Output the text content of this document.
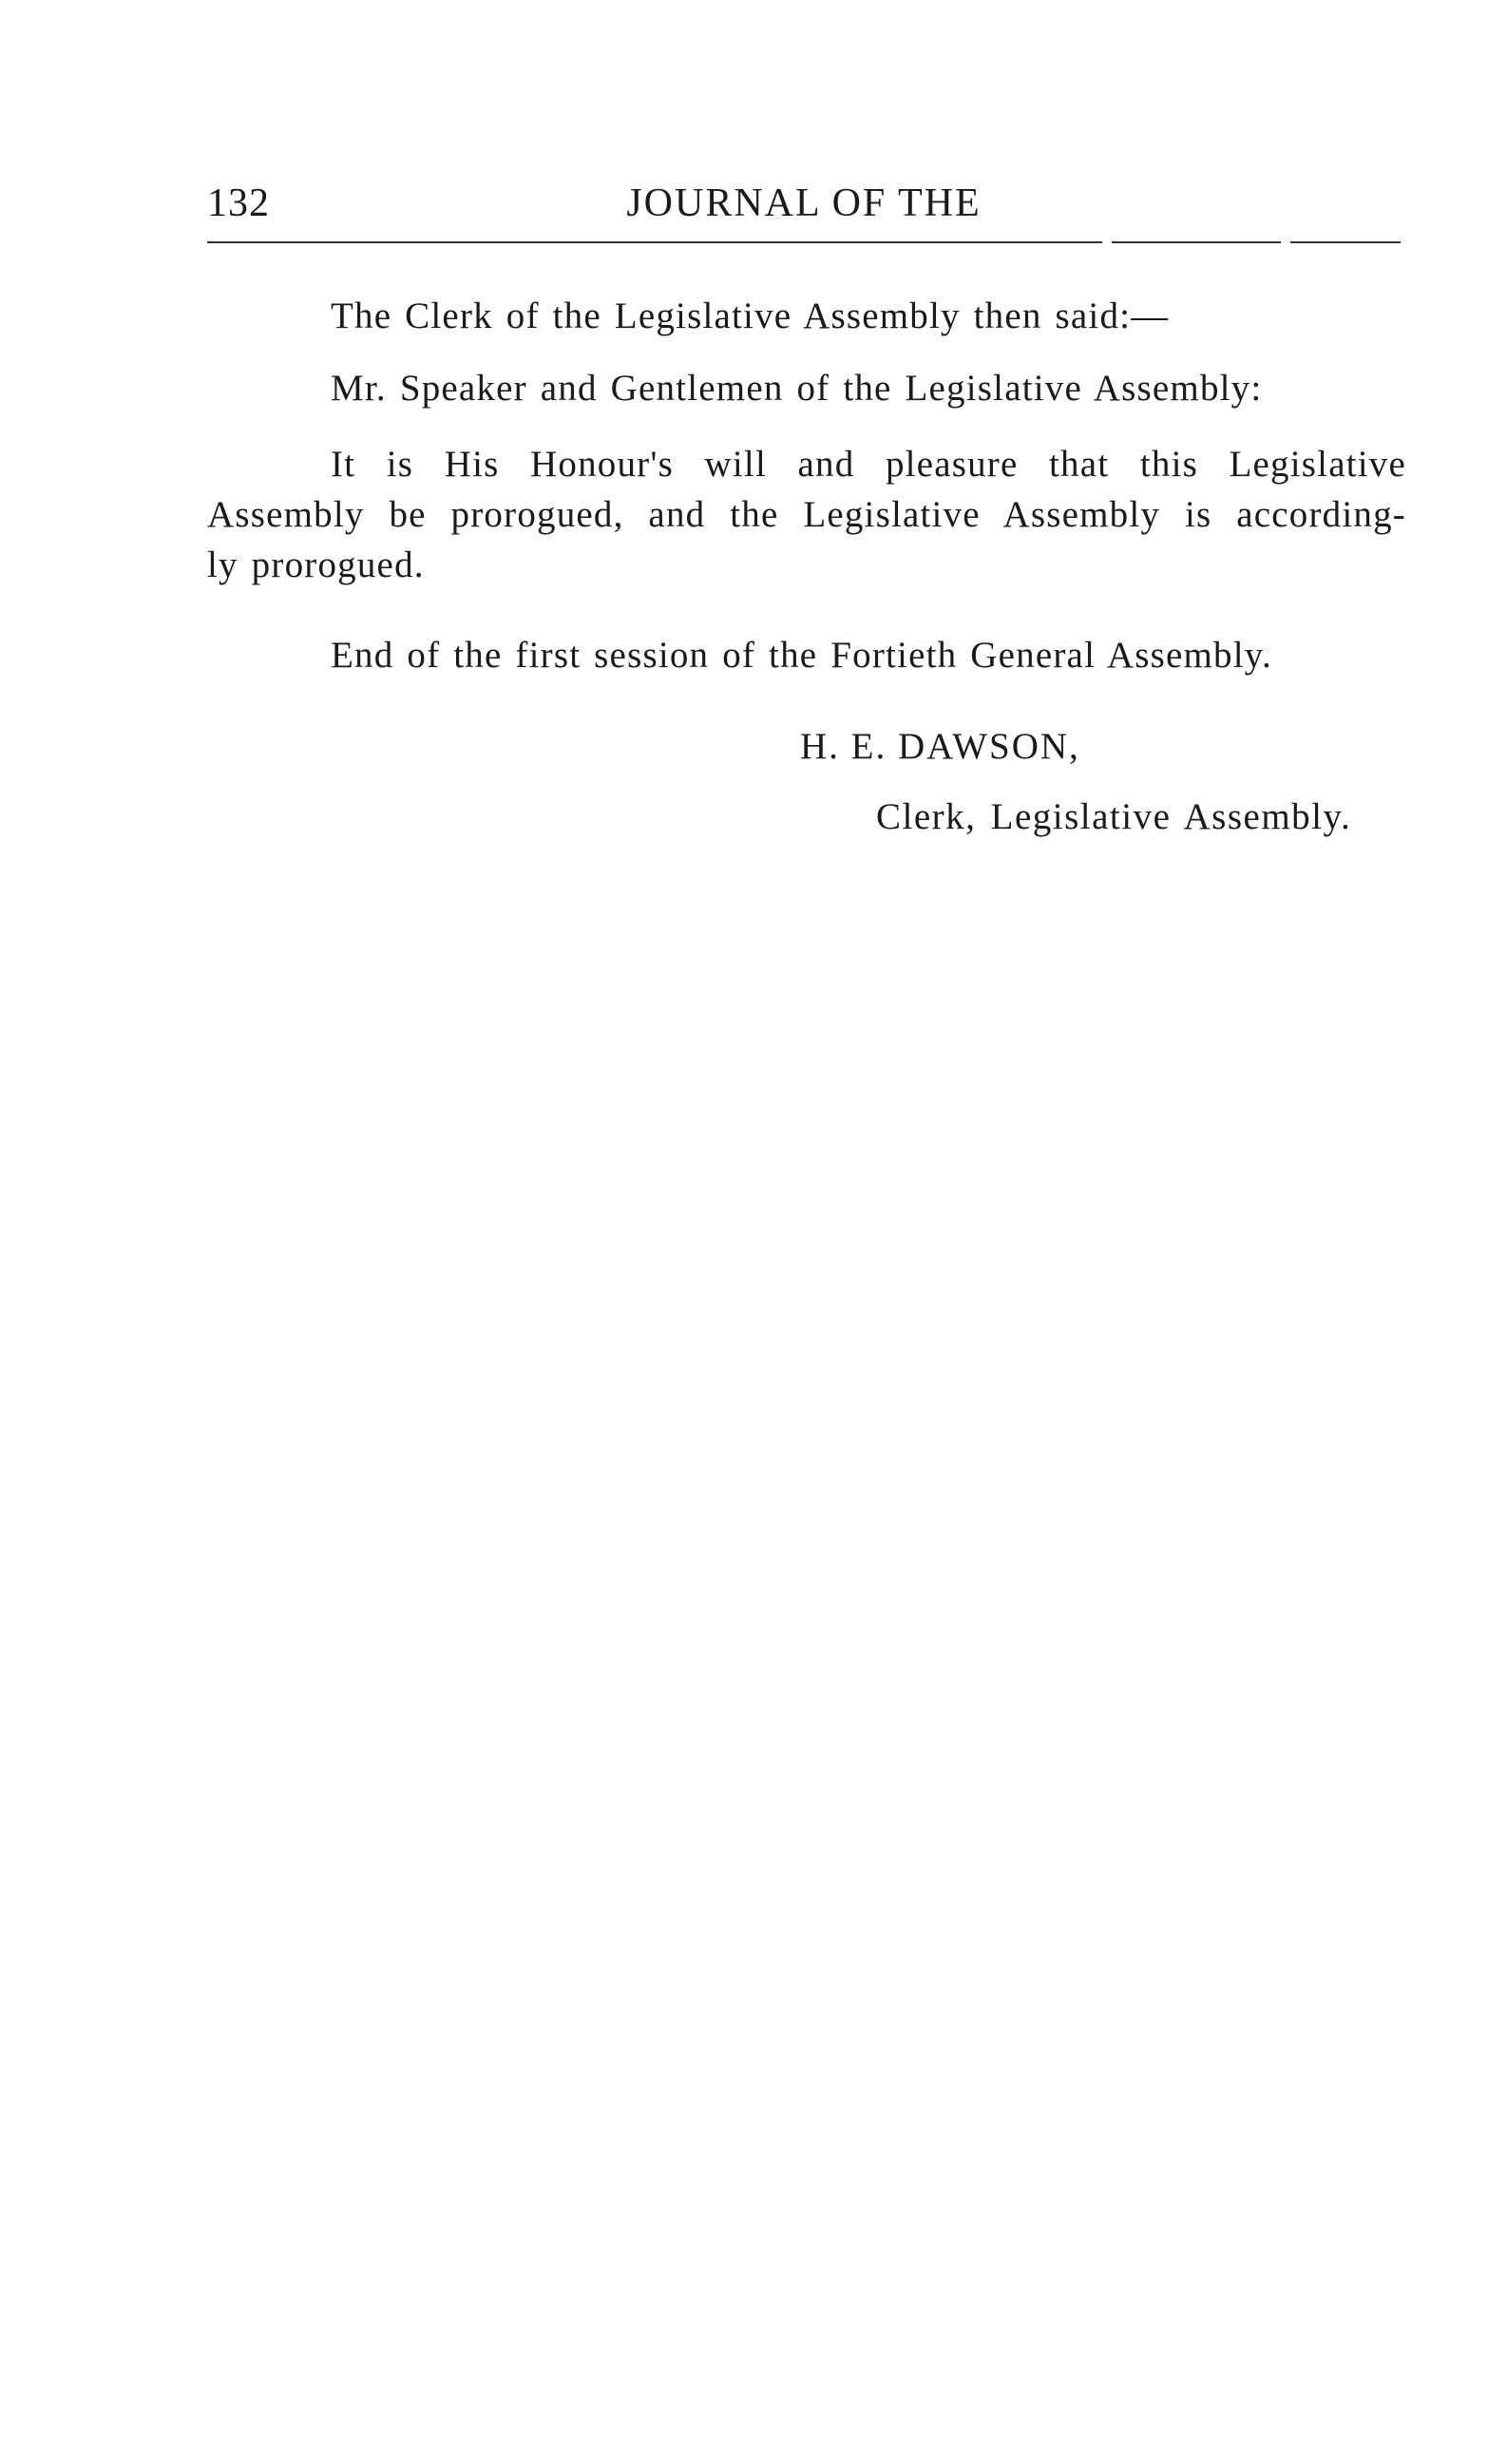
132	JOURNAL OF THE
The Clerk of the Legislative Assembly then said:—
Mr. Speaker and Gentlemen of the Legislative Assembly:
It is His Honour's will and pleasure that this Legislative
Assembly be prorogued, and the Legislative Assembly is according-
ly prorogued.
End of the first session of the Fortieth General Assembly.
H. E. DAWSON,
Clerk, Legislative Assembly.
